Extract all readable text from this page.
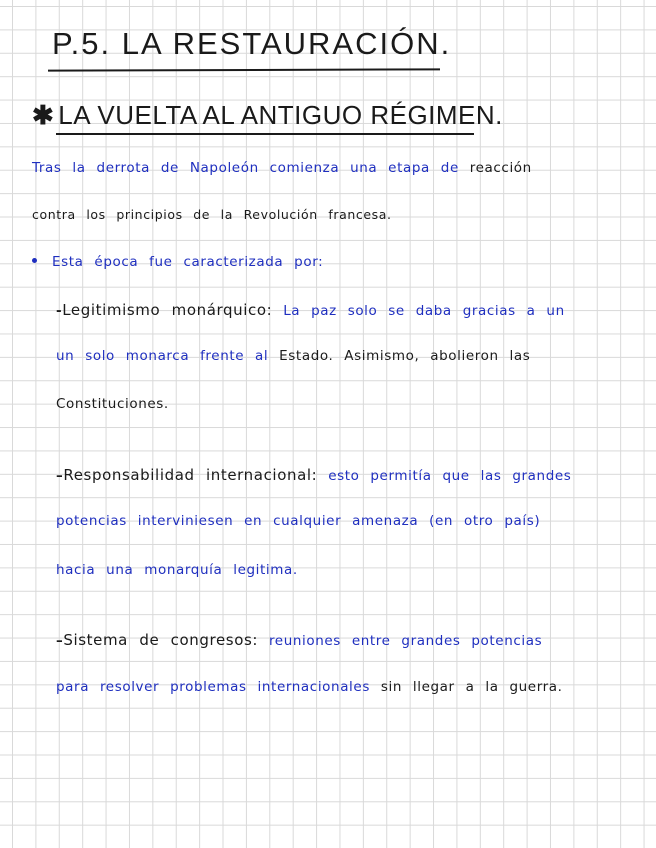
P.5. LA RESTAURACIÓN.
✱ LA VUELTA AL ANTIGUO RÉGIMEN.
Tras la derrota de Napoleón comienza una etapa de reacción
contra los principios de la Revolución francesa.
Esta época fue caracterizada por:
-Legitimismo monárquico: La paz solo se daba gracias a un
un solo monarca frente al Estado. Asimismo, abolieron las
Constituciones.
–Responsabilidad internacional: esto permitía que las grandes
potencias interviniesen en cualquier amenaza (en otro país)
hacia una monarquía legitima.
–Sistema de congresos: reuniones entre grandes potencias
para resolver problemas internacionales sin llegar a la guerra.
